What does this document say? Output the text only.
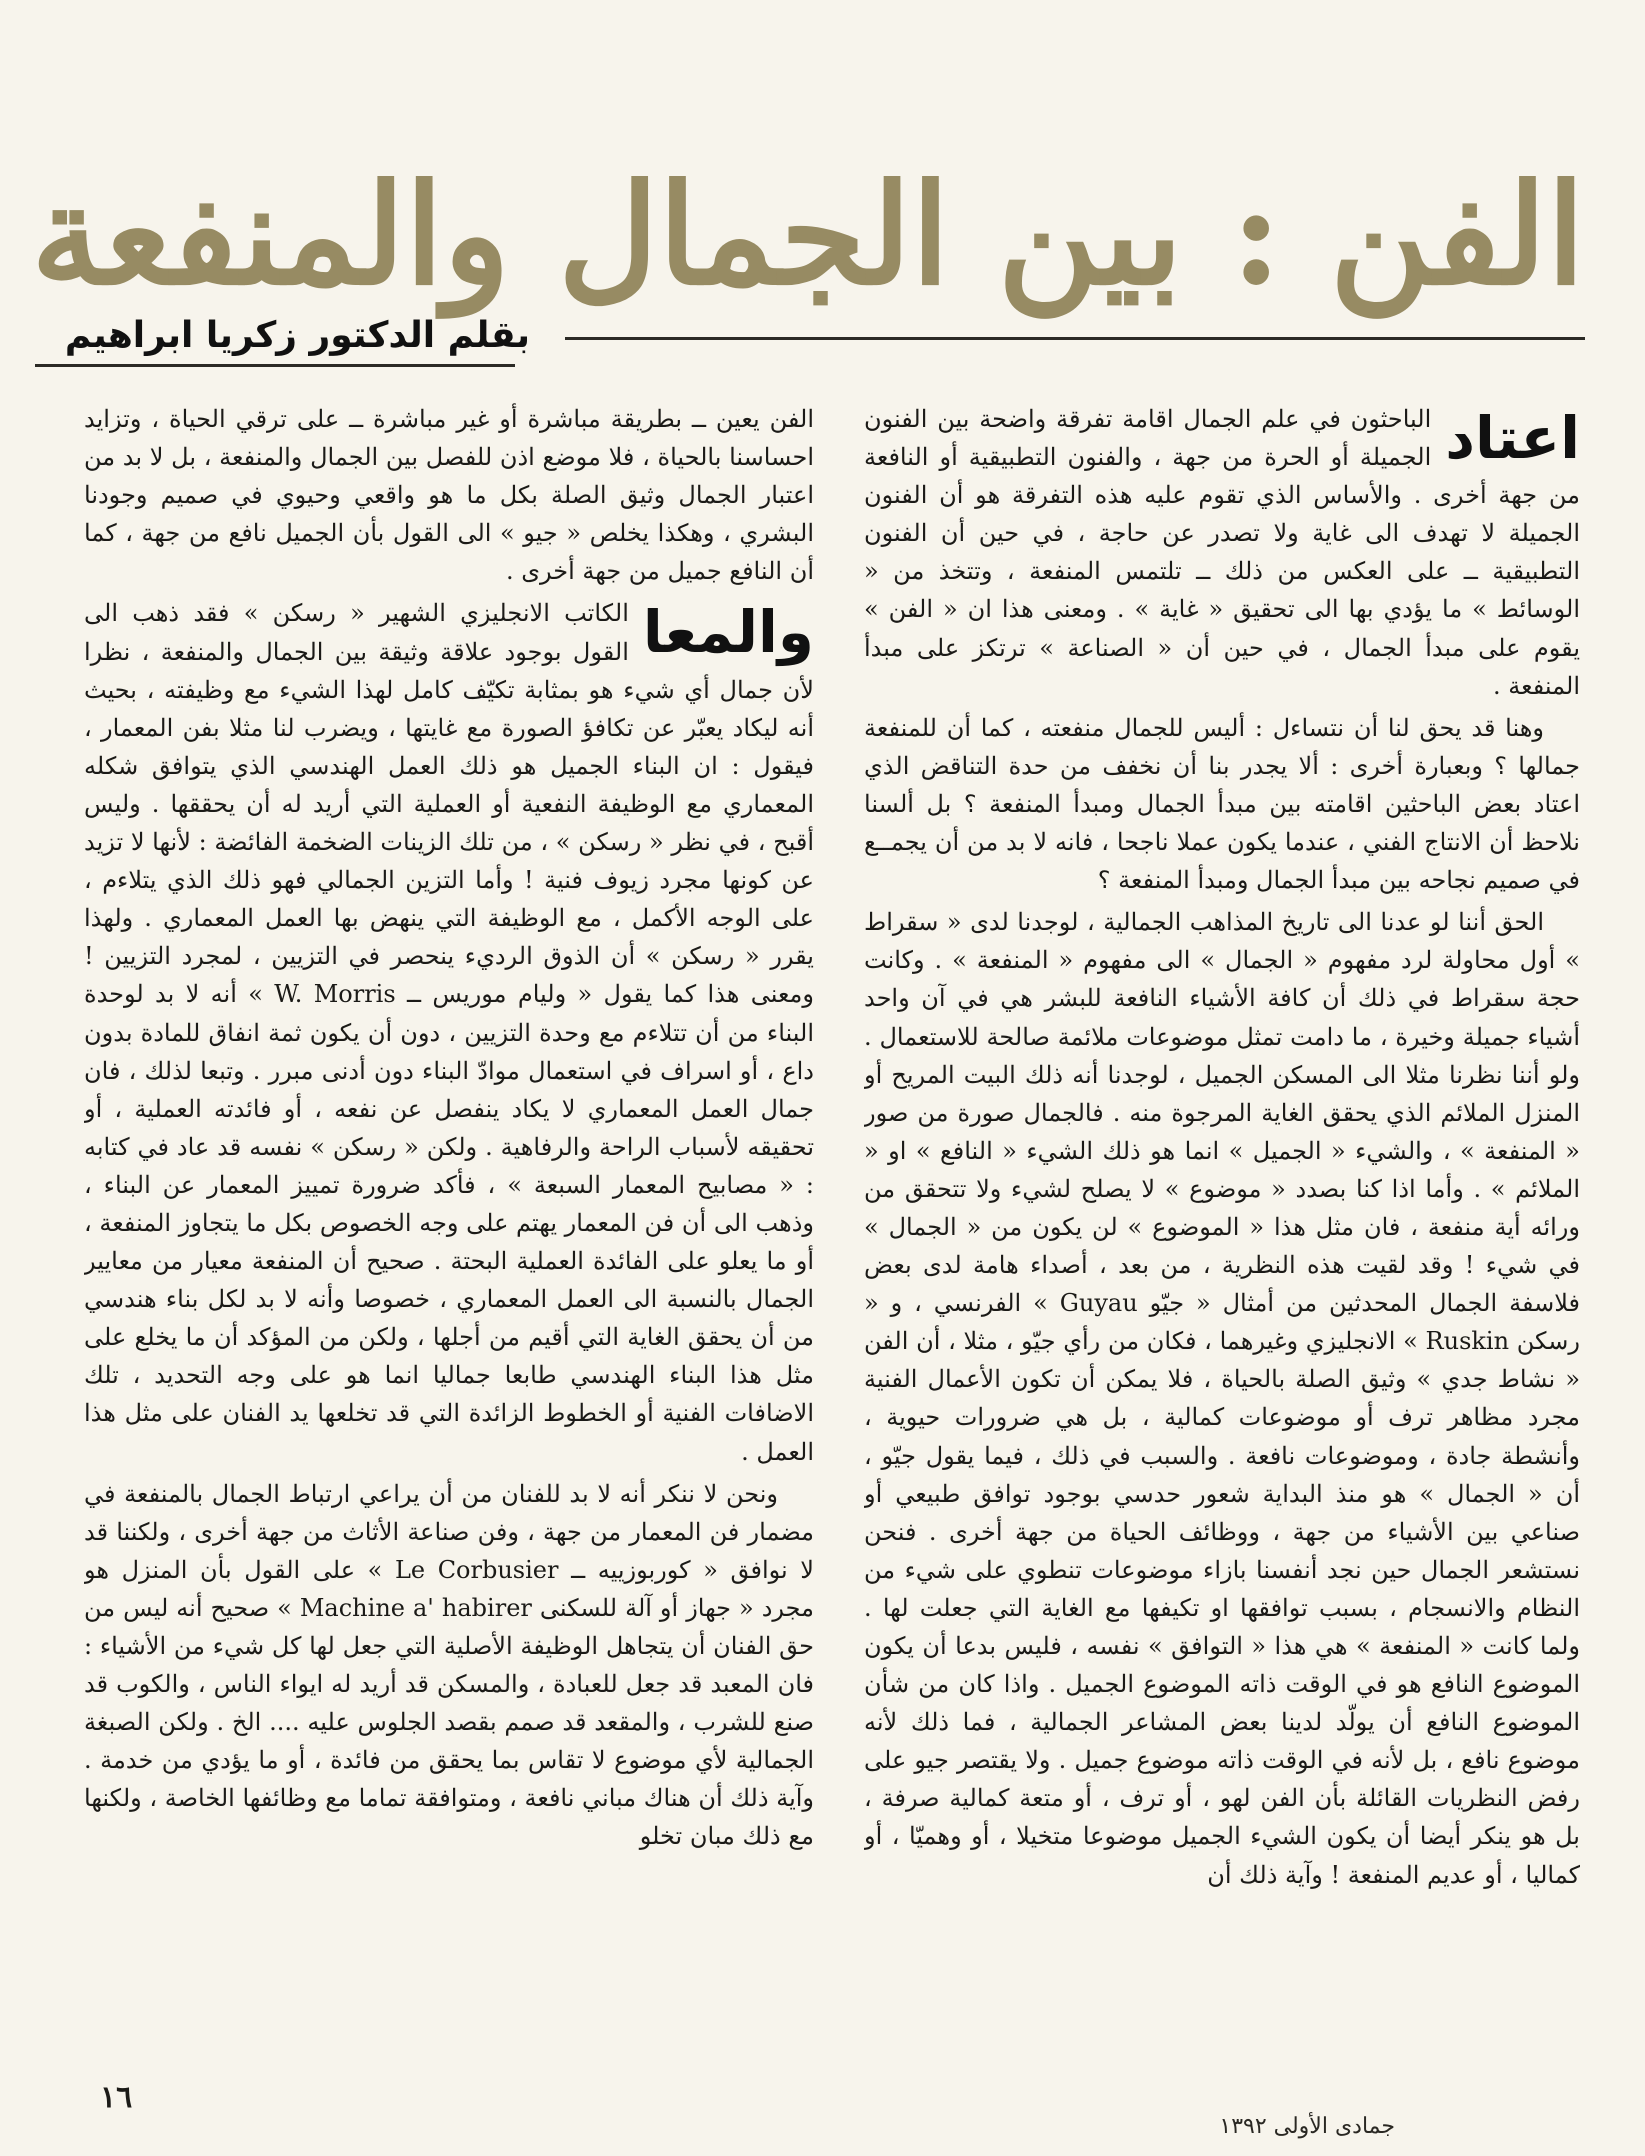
الفن : بين الجمال والمنفعة
بقلم الدكتور زكريا ابراهيم

اعتاد
الباحثون في علم الجمال اقامة تفرقة واضحة بين الفنون الجميلة أو الحرة من جهة ، والفنون التطبيقية أو النافعة من جهة أخرى . والأساس الذي تقوم عليه هذه التفرقة هو أن الفنون الجميلة لا تهدف الى غاية ولا تصدر عن حاجة ، في حين أن الفنون التطبيقية ــ على العكس من ذلك ــ تلتمس المنفعة ، وتتخذ من « الوسائط » ما يؤدي بها الى تحقيق « غاية » . ومعنى هذا ان « الفن » يقوم على مبدأ الجمال ، في حين أن « الصناعة » ترتكز على مبدأ المنفعة .

وهنا قد يحق لنا أن نتساءل : أليس للجمال منفعته ، كما أن للمنفعة جمالها ؟ وبعبارة أخرى : ألا يجدر بنا أن نخفف من حدة التناقض الذي اعتاد بعض الباحثين اقامته بين مبدأ الجمال ومبدأ المنفعة ؟ بل ألسنا نلاحظ أن الانتاج الفني ، عندما يكون عملا ناجحا ، فانه لا بد من أن يجمــع في صميم نجاحه بين مبدأ الجمال ومبدأ المنفعة ؟

الحق أننا لو عدنا الى تاريخ المذاهب الجمالية ، لوجدنا لدى « سقراط » أول محاولة لرد مفهوم « الجمال » الى مفهوم « المنفعة » . وكانت حجة سقراط في ذلك أن كافة الأشياء النافعة للبشر هي في آن واحد أشياء جميلة وخيرة ، ما دامت تمثل موضوعات ملائمة صالحة للاستعمال . ولو أننا نظرنا مثلا الى المسكن الجميل ، لوجدنا أنه ذلك البيت المريح أو المنزل الملائم الذي يحقق الغاية المرجوة منه . فالجمال صورة من صور « المنفعة » ، والشيء « الجميل » انما هو ذلك الشيء « النافع » او « الملائم » . وأما اذا كنا بصدد « موضوع » لا يصلح لشيء ولا تتحقق من ورائه أية منفعة ، فان مثل هذا « الموضوع » لن يكون من « الجمال » في شيء ! وقد لقيت هذه النظرية ، من بعد ، أصداء هامة لدى بعض فلاسفة الجمال المحدثين من أمثال « جيّو Guyau » الفرنسي ، و « رسكن Ruskin » الانجليزي وغيرهما ، فكان من رأي جيّو ، مثلا ، أن الفن « نشاط جدي » وثيق الصلة بالحياة ، فلا يمكن أن تكون الأعمال الفنية مجرد مظاهر ترف أو موضوعات كمالية ، بل هي ضرورات حيوية ، وأنشطة جادة ، وموضوعات نافعة . والسبب في ذلك ، فيما يقول جيّو ، أن « الجمال » هو منذ البداية شعور حدسي بوجود توافق طبيعي أو صناعي بين الأشياء من جهة ، ووظائف الحياة من جهة أخرى . فنحن نستشعر الجمال حين نجد أنفسنا بازاء موضوعات تنطوي على شيء من النظام والانسجام ، بسبب توافقها او تكيفها مع الغاية التي جعلت لها . ولما كانت « المنفعة » هي هذا « التوافق » نفسه ، فليس بدعا أن يكون الموضوع النافع هو في الوقت ذاته الموضوع الجميل . واذا كان من شأن الموضوع النافع أن يولّد لدينا بعض المشاعر الجمالية ، فما ذلك لأنه موضوع نافع ، بل لأنه في الوقت ذاته موضوع جميل . ولا يقتصر جيو على رفض النظريات القائلة بأن الفن لهو ، أو ترف ، أو متعة كمالية صرفة ، بل هو ينكر أيضا أن يكون الشيء الجميل موضوعا متخيلا ، أو وهميّا ، أو كماليا ، أو عديم المنفعة ! وآية ذلك أن

الفن يعين ــ بطريقة مباشرة أو غير مباشرة ــ على ترقي الحياة ، وتزايد احساسنا بالحياة ، فلا موضع اذن للفصل بين الجمال والمنفعة ، بل لا بد من اعتبار الجمال وثيق الصلة بكل ما هو واقعي وحيوي في صميم وجودنا البشري ، وهكذا يخلص « جيو » الى القول بأن الجميل نافع من جهة ، كما أن النافع جميل من جهة أخرى .

والمعا
الكاتب الانجليزي الشهير « رسكن » فقد ذهب الى القول بوجود علاقة وثيقة بين الجمال والمنفعة ، نظرا لأن جمال أي شيء هو بمثابة تكيّف كامل لهذا الشيء مع وظيفته ، بحيث أنه ليكاد يعبّر عن تكافؤ الصورة مع غايتها ، ويضرب لنا مثلا بفن المعمار ، فيقول : ان البناء الجميل هو ذلك العمل الهندسي الذي يتوافق شكله المعماري مع الوظيفة النفعية أو العملية التي أريد له أن يحققها . وليس أقبح ، في نظر « رسكن » ، من تلك الزينات الضخمة الفائضة : لأنها لا تزيد عن كونها مجرد زيوف فنية ! وأما التزين الجمالي فهو ذلك الذي يتلاءم ، على الوجه الأكمل ، مع الوظيفة التي ينهض بها العمل المعماري . ولهذا يقرر « رسكن » أن الذوق الرديء ينحصر في التزيين ، لمجرد التزيين ! ومعنى هذا كما يقول « وليام موريس ــ W. Morris » أنه لا بد لوحدة البناء من أن تتلاءم مع وحدة التزيين ، دون أن يكون ثمة انفاق للمادة بدون داع ، أو اسراف في استعمال موادّ البناء دون أدنى مبرر . وتبعا لذلك ، فان جمال العمل المعماري لا يكاد ينفصل عن نفعه ، أو فائدته العملية ، أو تحقيقه لأسباب الراحة والرفاهية . ولكن « رسكن » نفسه قد عاد في كتابه : « مصابيح المعمار السبعة » ، فأكد ضرورة تمييز المعمار عن البناء ، وذهب الى أن فن المعمار يهتم على وجه الخصوص بكل ما يتجاوز المنفعة ، أو ما يعلو على الفائدة العملية البحتة . صحيح أن المنفعة معيار من معايير الجمال بالنسبة الى العمل المعماري ، خصوصا وأنه لا بد لكل بناء هندسي من أن يحقق الغاية التي أقيم من أجلها ، ولكن من المؤكد أن ما يخلع على مثل هذا البناء الهندسي طابعا جماليا انما هو على وجه التحديد ، تلك الاضافات الفنية أو الخطوط الزائدة التي قد تخلعها يد الفنان على مثل هذا العمل .

ونحن لا ننكر أنه لا بد للفنان من أن يراعي ارتباط الجمال بالمنفعة في مضمار فن المعمار من جهة ، وفن صناعة الأثاث من جهة أخرى ، ولكننا قد لا نوافق « كوربوزييه ــ Le Corbusier » على القول بأن المنزل هو مجرد « جهاز أو آلة للسكنى Machine a' habirer » صحيح أنه ليس من حق الفنان أن يتجاهل الوظيفة الأصلية التي جعل لها كل شيء من الأشياء : فان المعبد قد جعل للعبادة ، والمسكن قد أريد له ايواء الناس ، والكوب قد صنع للشرب ، والمقعد قد صمم بقصد الجلوس عليه .... الخ . ولكن الصبغة الجمالية لأي موضوع لا تقاس بما يحقق من فائدة ، أو ما يؤدي من خدمة . وآية ذلك أن هناك مباني نافعة ، ومتوافقة تماما مع وظائفها الخاصة ، ولكنها مع ذلك مبان تخلو

١٦
جمادى الأولى ١٣٩٢
